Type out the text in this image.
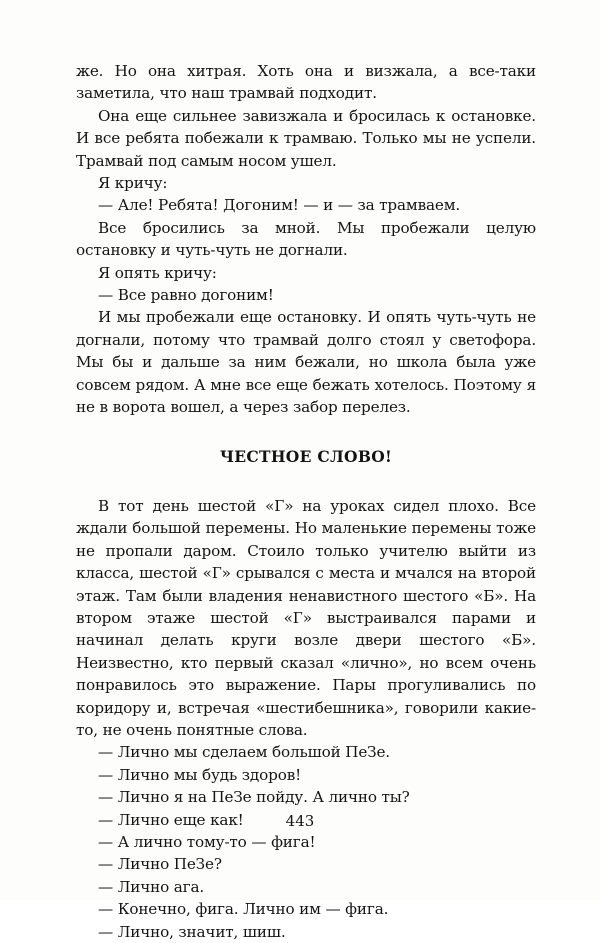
же. Но она хитрая. Хоть она и визжала, а все-таки заметила, что наш трамвай подходит.

Она еще сильнее завизжала и бросилась к остановке. И все ребята побежали к трамваю. Только мы не успели. Трамвай под самым носом ушел.

Я кричу:

— Але! Ребята! Догоним! — и — за трамваем.

Все бросились за мной. Мы пробежали целую остановку и чуть-чуть не догнали.

Я опять кричу:

— Все равно догоним!

И мы пробежали еще остановку. И опять чуть-чуть не догнали, потому что трамвай долго стоял у светофора. Мы бы и дальше за ним бежали, но школа была уже совсем рядом. А мне все еще бежать хотелось. Поэтому я не в ворота вошел, а через забор перелез.

ЧЕСТНОЕ СЛОВО!

В тот день шестой «Г» на уроках сидел плохо. Все ждали большой перемены. Но маленькие перемены тоже не пропали даром. Стоило только учителю выйти из класса, шестой «Г» срывался с места и мчался на второй этаж. Там были владения ненавистного шестого «Б». На втором этаже шестой «Г» выстраивался парами и начинал делать круги возле двери шестого «Б». Неизвестно, кто первый сказал «лично», но всем очень понравилось это выражение. Пары прогуливались по коридору и, встречая «шестибешника», говорили какие-то, не очень понятные слова.

— Лично мы сделаем большой ПеЗе.

— Лично мы будь здоров!

— Лично я на ПеЗе пойду. А лично ты?

— Лично еще как!

— А лично тому-то — фига!

— Лично ПеЗе?

— Лично ага.

— Конечно, фига. Лично им — фига.

— Лично, значит, шиш.

443
